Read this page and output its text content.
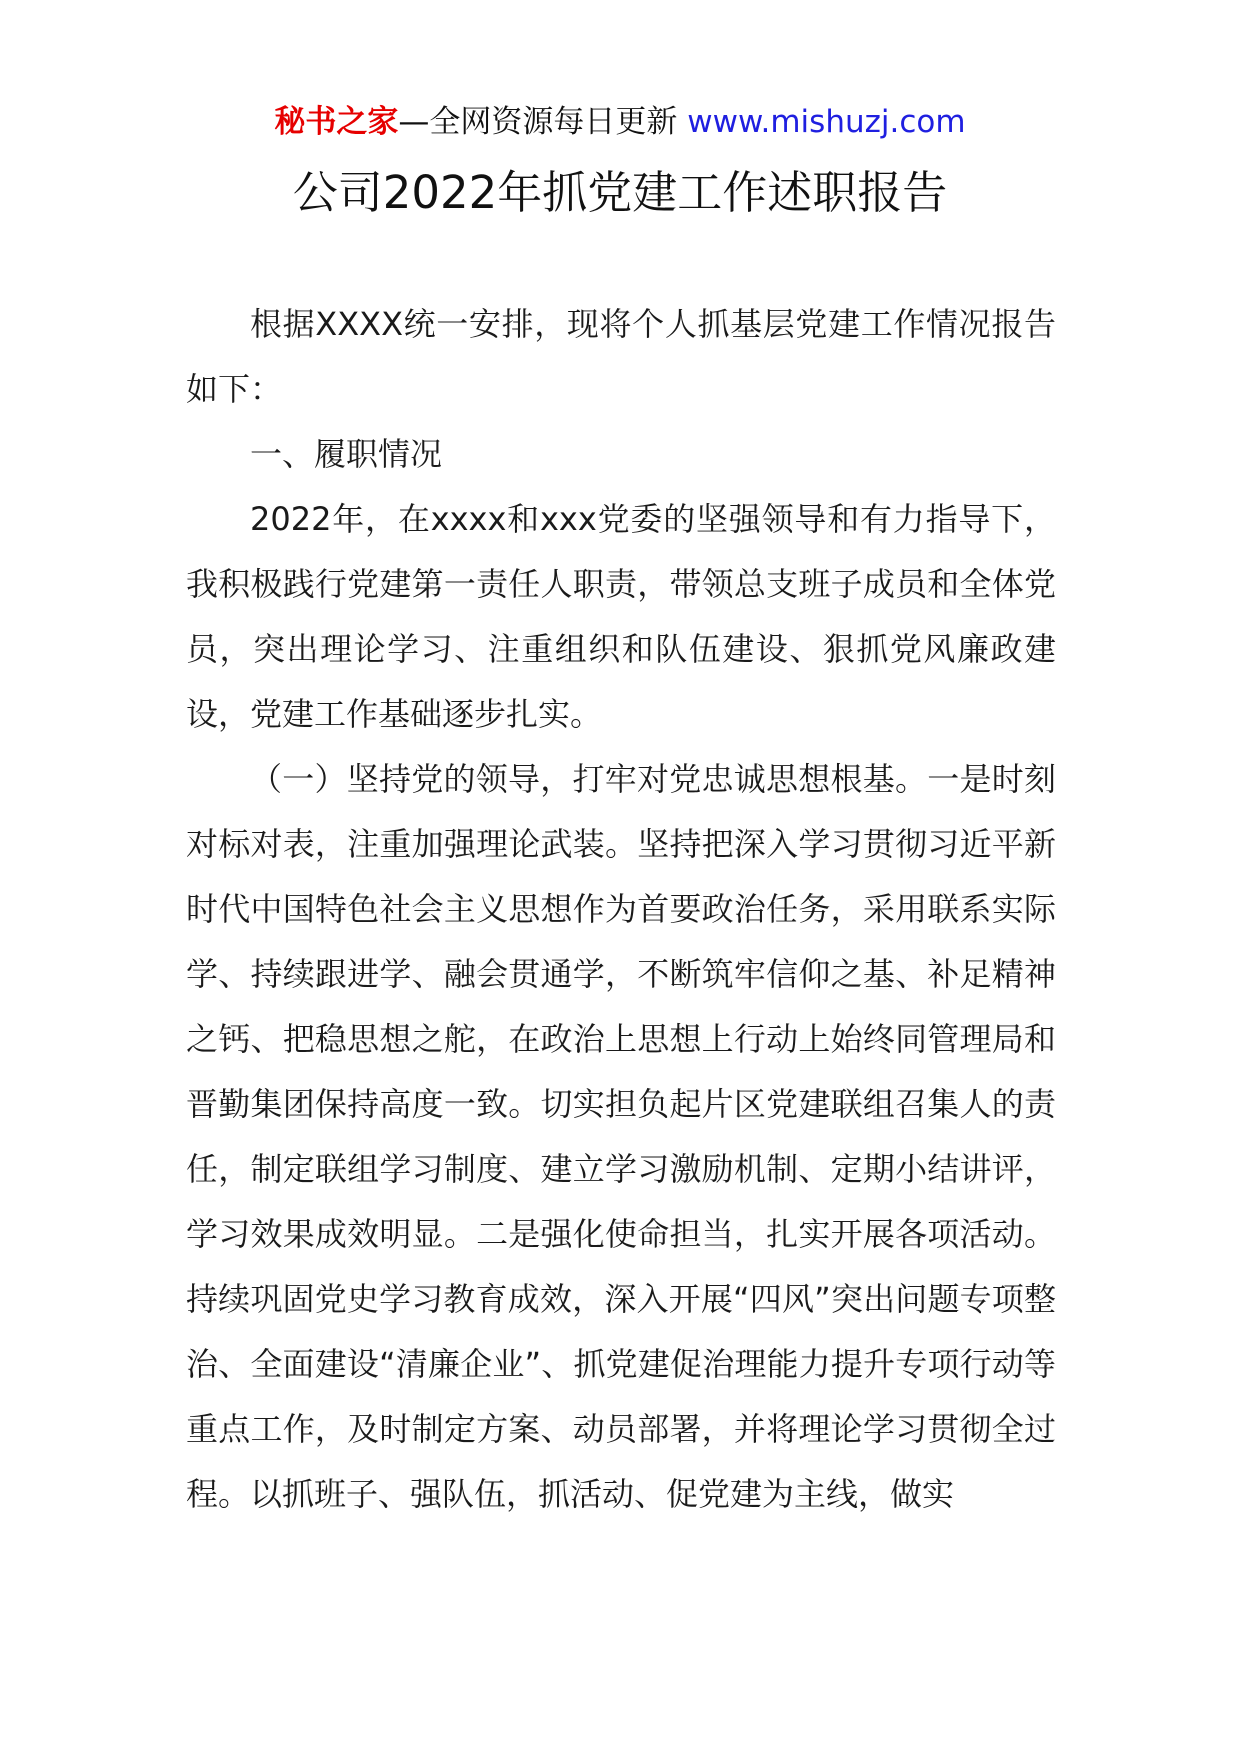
秘书之家—全网资源每日更新 www.mishuzj.com
公司2022年抓党建工作述职报告

根据XXXX统一安排，现将个人抓基层党建工作情况报告如下：

一、履职情况

2022年，在xxxx和xxx党委的坚强领导和有力指导下，我积极践行党建第一责任人职责，带领总支班子成员和全体党员，突出理论学习、注重组织和队伍建设、狠抓党风廉政建设，党建工作基础逐步扎实。

（一）坚持党的领导，打牢对党忠诚思想根基。一是时刻对标对表，注重加强理论武装。坚持把深入学习贯彻习近平新时代中国特色社会主义思想作为首要政治任务，采用联系实际学、持续跟进学、融会贯通学，不断筑牢信仰之基、补足精神之钙、把稳思想之舵，在政治上思想上行动上始终同管理局和晋勤集团保持高度一致。切实担负起片区党建联组召集人的责任，制定联组学习制度、建立学习激励机制、定期小结讲评，学习效果成效明显。二是强化使命担当，扎实开展各项活动。持续巩固党史学习教育成效，深入开展“四风”突出问题专项整治、全面建设“清廉企业”、抓党建促治理能力提升专项行动等重点工作，及时制定方案、动员部署，并将理论学习贯彻全过程。以抓班子、强队伍，抓活动、促党建为主线，做实
